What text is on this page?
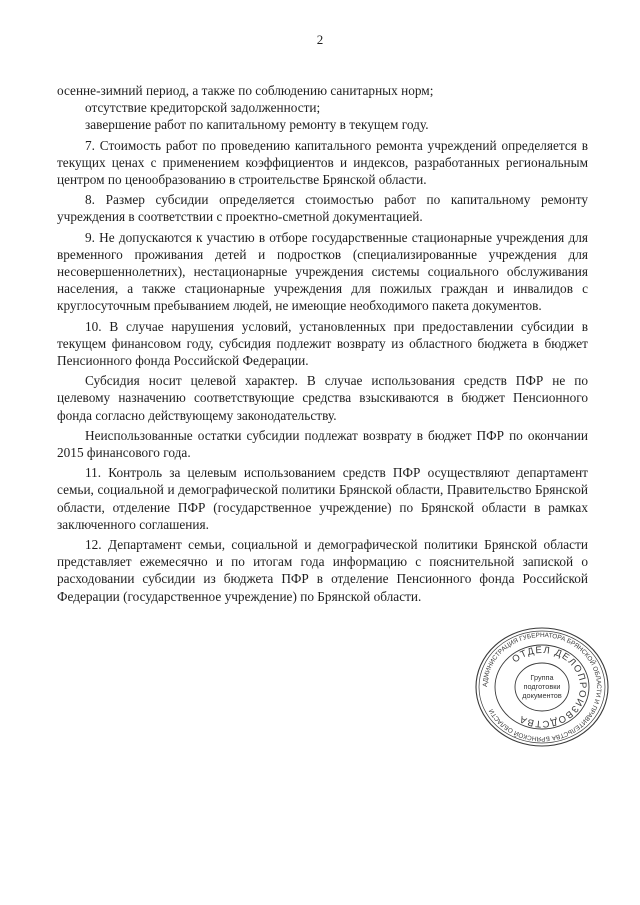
2

осенне-зимний период, а также по соблюдению санитарных норм;

отсутствие кредиторской задолженности;

завершение работ по капитальному ремонту в текущем году.

7. Стоимость работ по проведению капитального ремонта учреждений определяется в текущих ценах с применением коэффициентов и индексов, разработанных региональным центром по ценообразованию в строительстве Брянской области.

8. Размер субсидии определяется стоимостью работ по капитальному ремонту учреждения в соответствии с проектно-сметной документацией.

9. Не допускаются к участию в отборе государственные стационарные учреждения для временного проживания детей и подростков (специализированные учреждения для несовершеннолетних), нестационарные учреждения системы социального обслуживания населения, а также стационарные учреждения для пожилых граждан и инвалидов с круглосуточным пребыванием людей, не имеющие необходимого пакета документов.

10. В случае нарушения условий, установленных при предоставлении субсидии в текущем финансовом году, субсидия подлежит возврату из областного бюджета в бюджет Пенсионного фонда Российской Федерации.

Субсидия носит целевой характер. В случае использования средств ПФР не по целевому назначению соответствующие средства взыскиваются в бюджет Пенсионного фонда согласно действующему законодательству.

Неиспользованные остатки субсидии подлежат возврату в бюджет ПФР по окончании 2015 финансового года.

11. Контроль за целевым использованием средств ПФР осуществляют департамент семьи, социальной и демографической политики Брянской области, Правительство Брянской области, отделение ПФР (государственное учреждение) по Брянской области в рамках заключенного соглашения.

12. Департамент семьи, социальной и демографической политики Брянской области представляет ежемесячно и по итогам года информацию с пояснительной запиской о расходовании субсидии из бюджета ПФР в отделение Пенсионного фонда Российской Федерации (государственное учреждение) по Брянской области.

АДМИНИСТРАЦИЯ ГУБЕРНАТОРА БРЯНСКОЙ ОБЛАСТИ И ПРАВИТЕЛЬСТВА БРЯНСКОЙ ОБЛАСТИ
ОТДЕЛ ДЕЛОПРОИЗВОДСТВА
Группа
подготовки
документов
